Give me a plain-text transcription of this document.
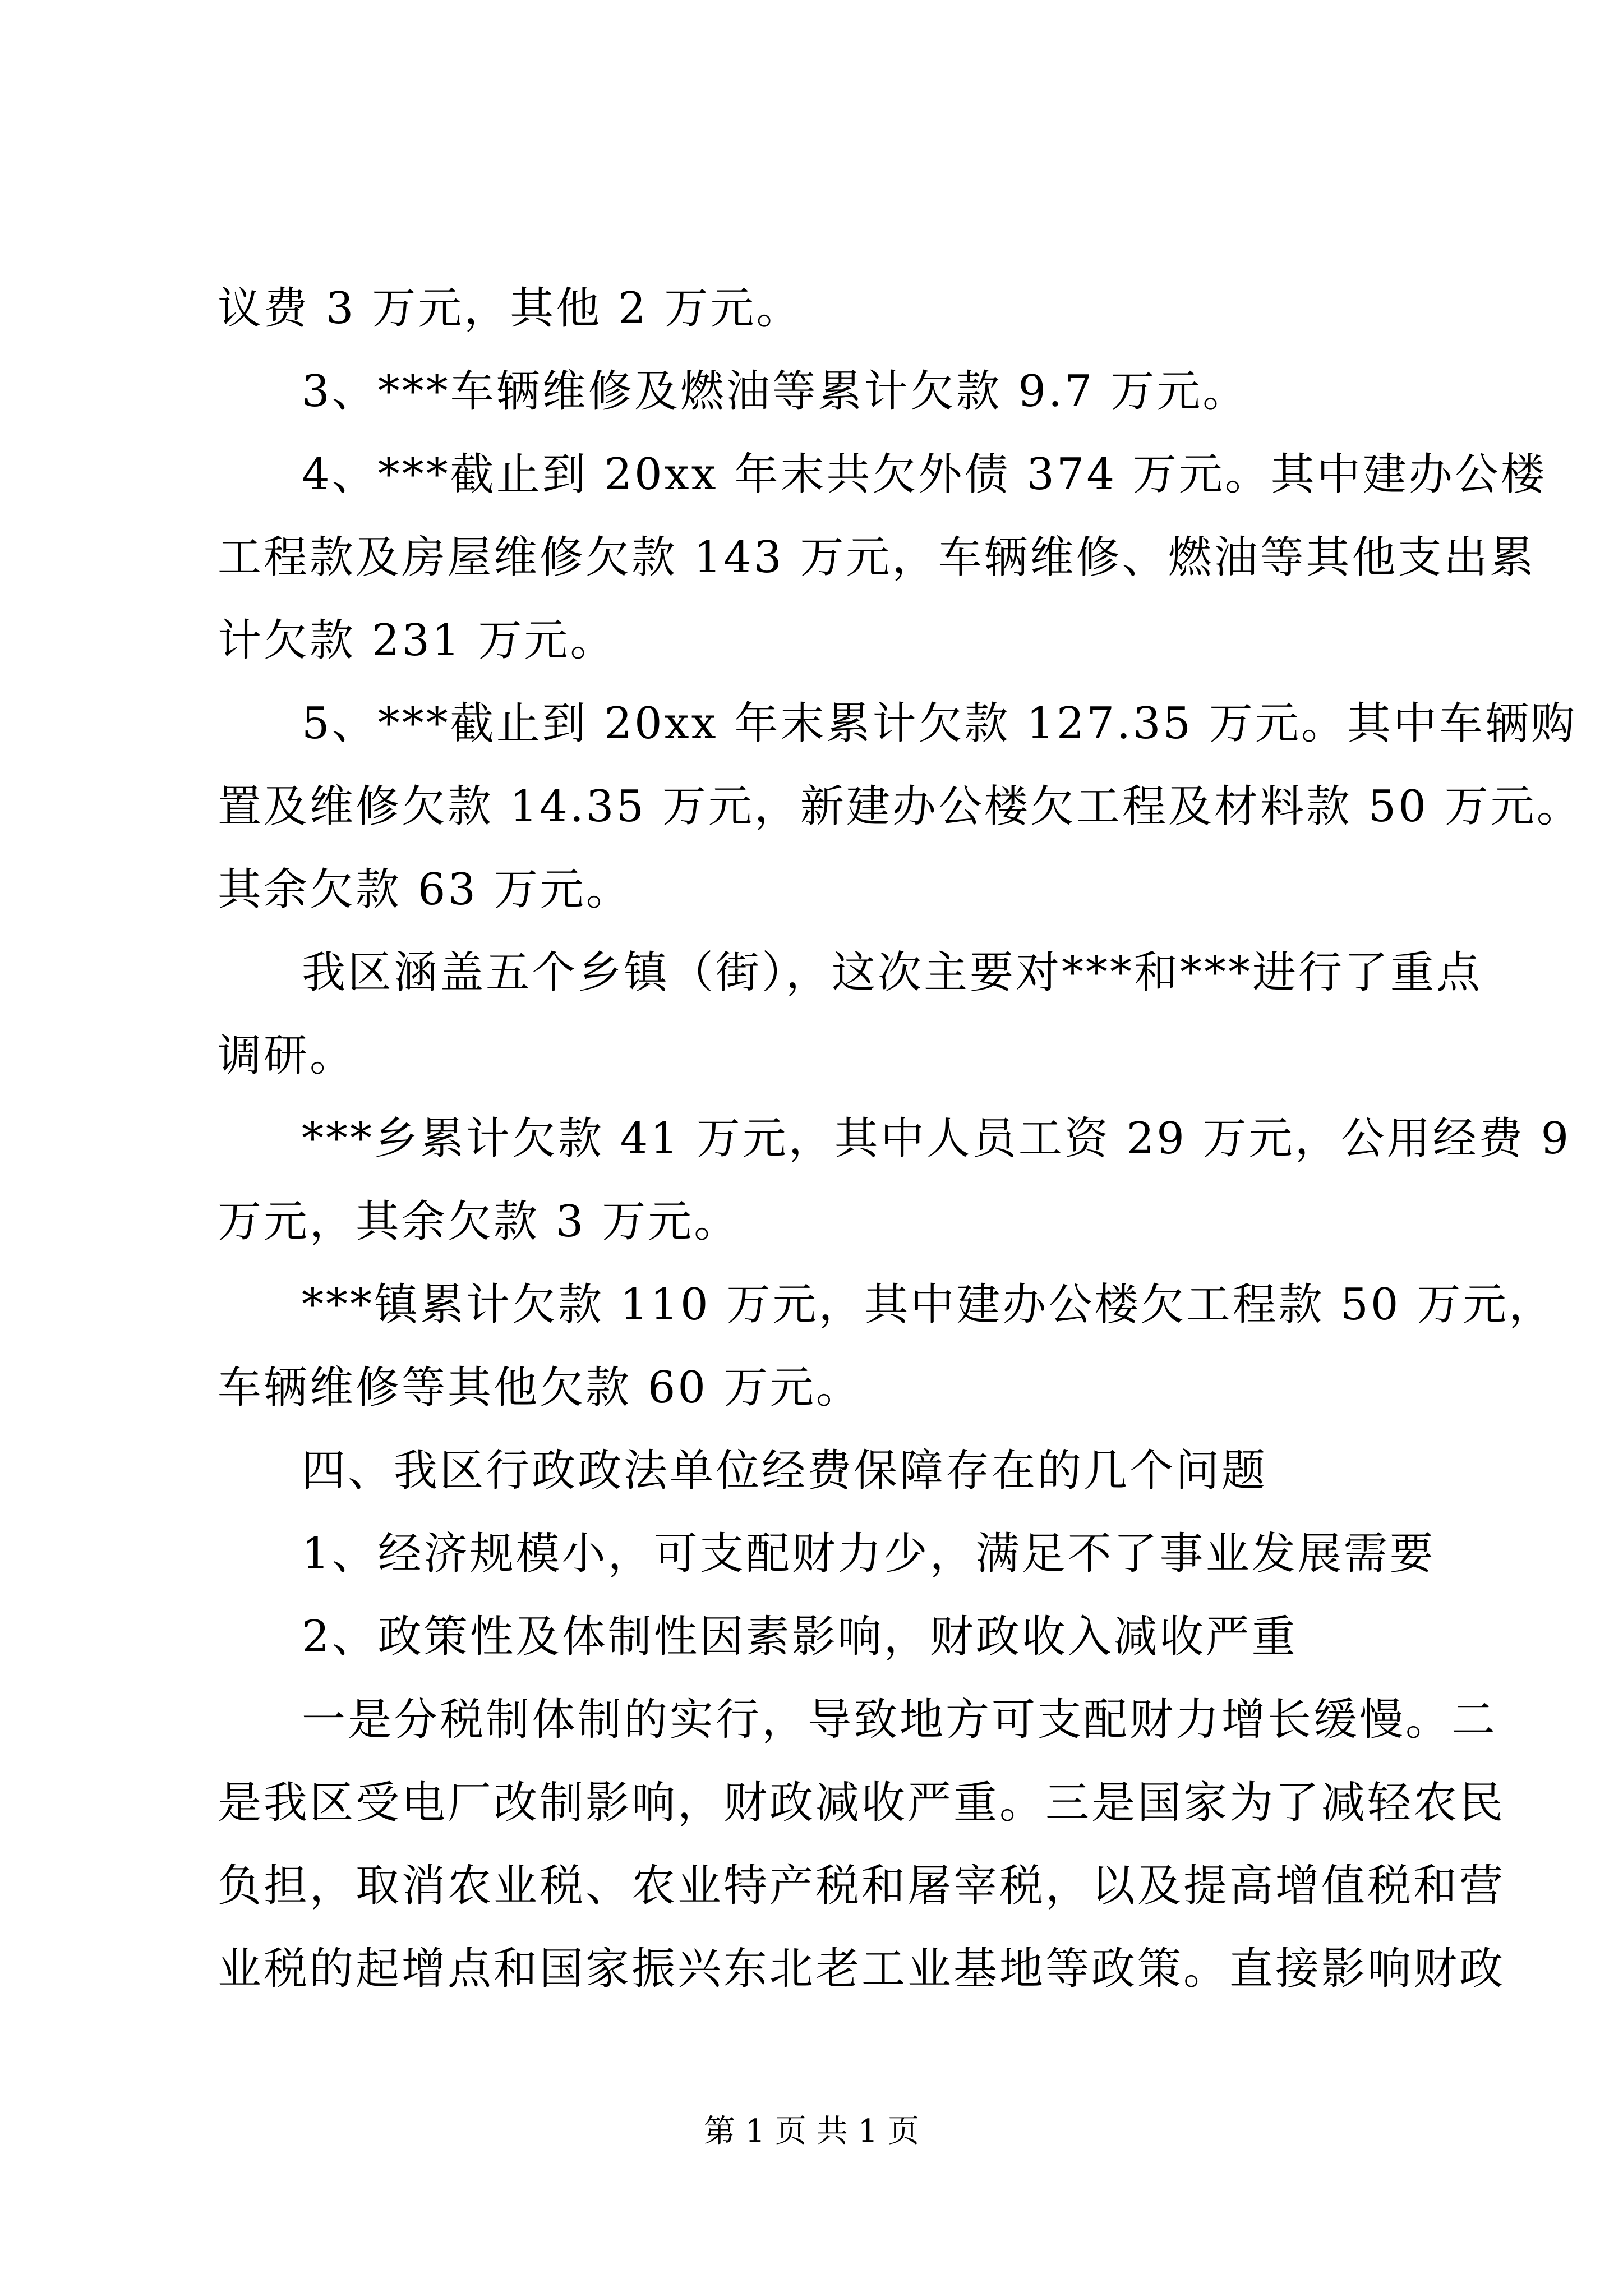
议费 3 万元，其他 2 万元。
3、***车辆维修及燃油等累计欠款 9.7 万元。
4、***截止到 20xx 年末共欠外债 374 万元。其中建办公楼
工程款及房屋维修欠款 143 万元，车辆维修、燃油等其他支出累
计欠款 231 万元。
5、***截止到 20xx 年末累计欠款 127.35 万元。其中车辆购
置及维修欠款 14.35 万元，新建办公楼欠工程及材料款 50 万元。
其余欠款 63 万元。
我区涵盖五个乡镇（街），这次主要对***和***进行了重点
调研。
***乡累计欠款 41 万元，其中人员工资 29 万元，公用经费 9
万元，其余欠款 3 万元。
***镇累计欠款 110 万元，其中建办公楼欠工程款 50 万元，
车辆维修等其他欠款 60 万元。
四、我区行政政法单位经费保障存在的几个问题
1、经济规模小，可支配财力少，满足不了事业发展需要
2、政策性及体制性因素影响，财政收入减收严重
一是分税制体制的实行，导致地方可支配财力增长缓慢。二
是我区受电厂改制影响，财政减收严重。三是国家为了减轻农民
负担，取消农业税、农业特产税和屠宰税，以及提高增值税和营
业税的起增点和国家振兴东北老工业基地等政策。直接影响财政
第 1 页 共 1 页
